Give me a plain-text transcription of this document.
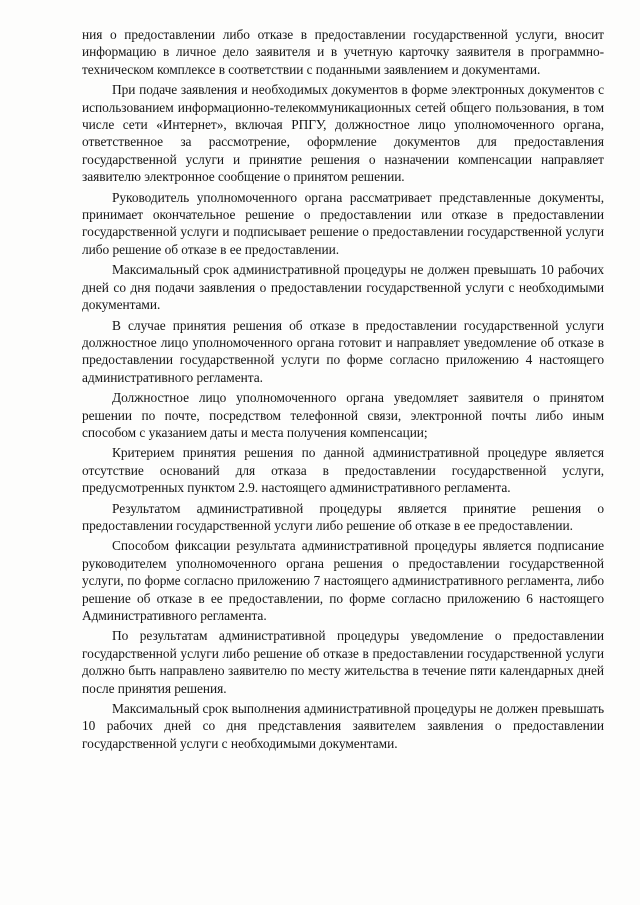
ния о предоставлении либо отказе в предоставлении государственной услуги, вносит информацию в личное дело заявителя и в учетную карточку заявителя в программно-техническом комплексе в соответствии с поданными заявлением и документами.

При подаче заявления и необходимых документов в форме электронных документов с использованием информационно-телекоммуникационных сетей общего пользования, в том числе сети «Интернет», включая РПГУ, должностное лицо уполномоченного органа, ответственное за рассмотрение, оформление документов для предоставления государственной услуги и принятие решения о назначении компенсации направляет заявителю электронное сообщение о принятом решении.

Руководитель уполномоченного органа рассматривает представленные документы, принимает окончательное решение о предоставлении или отказе в предоставлении государственной услуги и подписывает решение о предоставлении государственной услуги либо решение об отказе в ее предоставлении.

Максимальный срок административной процедуры не должен превышать 10 рабочих дней со дня подачи заявления о предоставлении государственной услуги с необходимыми документами.

В случае принятия решения об отказе в предоставлении государственной услуги должностное лицо уполномоченного органа готовит и направляет уведомление об отказе в предоставлении государственной услуги по форме согласно приложению 4 настоящего административного регламента.

Должностное лицо уполномоченного органа уведомляет заявителя о принятом решении по почте, посредством телефонной связи, электронной почты либо иным способом с указанием даты и места получения компенсации;

Критерием принятия решения по данной административной процедуре является отсутствие оснований для отказа в предоставлении государственной услуги, предусмотренных пунктом 2.9. настоящего административного регламента.

Результатом административной процедуры является принятие решения о предоставлении государственной услуги либо решение об отказе в ее предоставлении.

Способом фиксации результата административной процедуры является подписание руководителем уполномоченного органа решения о предоставлении государственной услуги, по форме согласно приложению 7 настоящего административного регламента, либо решение об отказе в ее предоставлении, по форме согласно приложению 6 настоящего Административного регламента.

По результатам административной процедуры уведомление о предоставлении государственной услуги либо решение об отказе в предоставлении государственной услуги должно быть направлено заявителю по месту жительства в течение пяти календарных дней после принятия решения.

Максимальный срок выполнения административной процедуры не должен превышать 10 рабочих дней со дня представления заявителем заявления о предоставлении государственной услуги с необходимыми документами.
